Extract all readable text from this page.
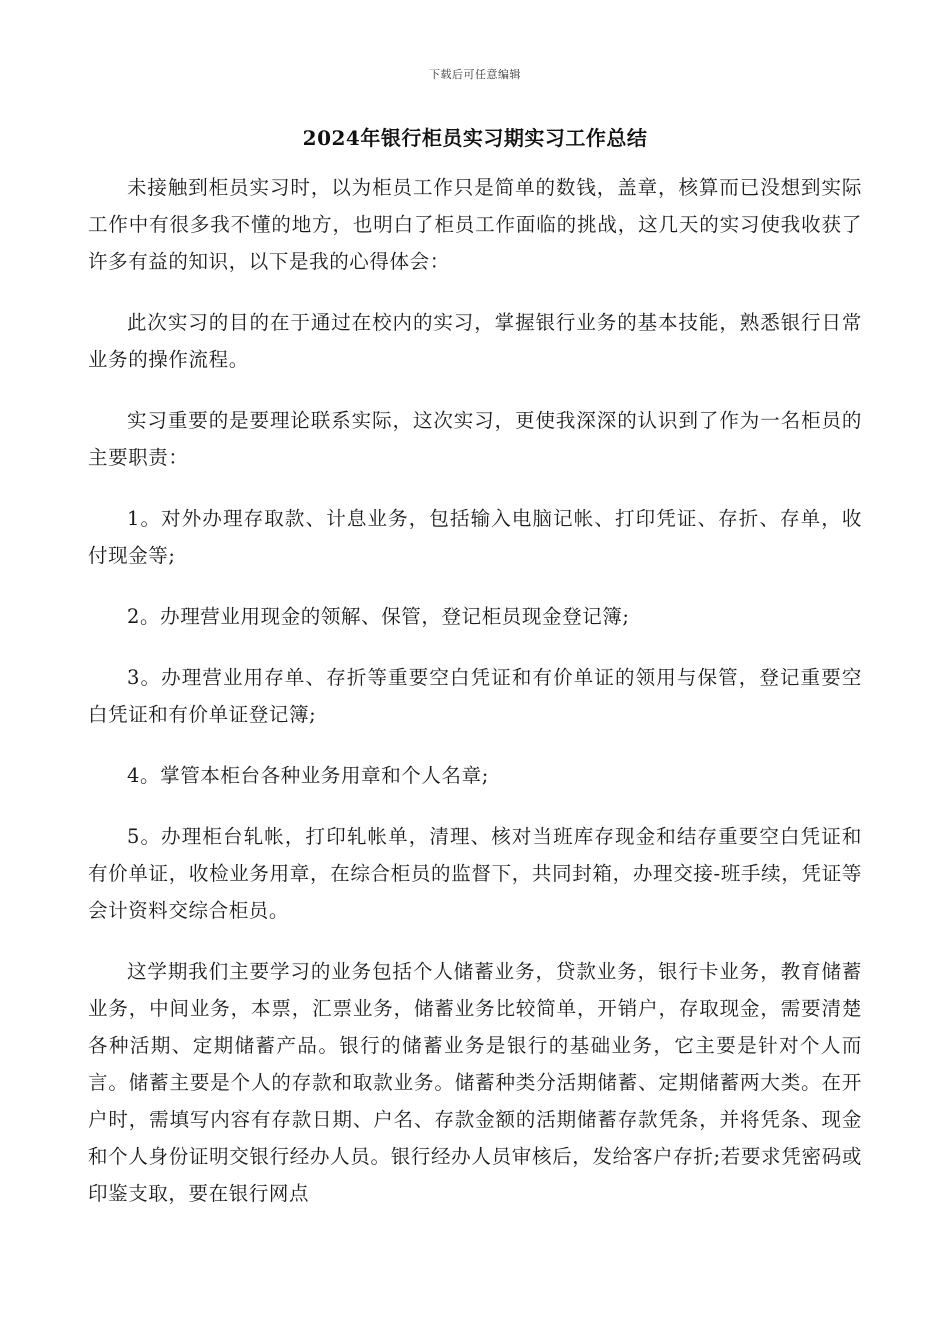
下载后可任意编辑
2024年银行柜员实习期实习工作总结

未接触到柜员实习时，以为柜员工作只是简单的数钱，盖章，核算而已没想到实际工作中有很多我不懂的地方，也明白了柜员工作面临的挑战，这几天的实习使我收获了许多有益的知识，以下是我的心得体会：

此次实习的目的在于通过在校内的实习，掌握银行业务的基本技能，熟悉银行日常业务的操作流程。

实习重要的是要理论联系实际，这次实习，更使我深深的认识到了作为一名柜员的主要职责：

1。对外办理存取款、计息业务，包括输入电脑记帐、打印凭证、存折、存单，收付现金等;

2。办理营业用现金的领解、保管，登记柜员现金登记簿;

3。办理营业用存单、存折等重要空白凭证和有价单证的领用与保管，登记重要空白凭证和有价单证登记簿;

4。掌管本柜台各种业务用章和个人名章;

5。办理柜台轧帐，打印轧帐单，清理、核对当班库存现金和结存重要空白凭证和有价单证，收检业务用章，在综合柜员的监督下，共同封箱，办理交接-班手续，凭证等会计资料交综合柜员。

这学期我们主要学习的业务包括个人储蓄业务，贷款业务，银行卡业务，教育储蓄业务，中间业务，本票，汇票业务，储蓄业务比较简单，开销户，存取现金，需要清楚各种活期、定期储蓄产品。银行的储蓄业务是银行的基础业务，它主要是针对个人而言。储蓄主要是个人的存款和取款业务。储蓄种类分活期储蓄、定期储蓄两大类。在开户时，需填写内容有存款日期、户名、存款金额的活期储蓄存款凭条，并将凭条、现金和个人身份证明交银行经办人员。银行经办人员审核后，发给客户存折;若要求凭密码或印鉴支取，要在银行网点
